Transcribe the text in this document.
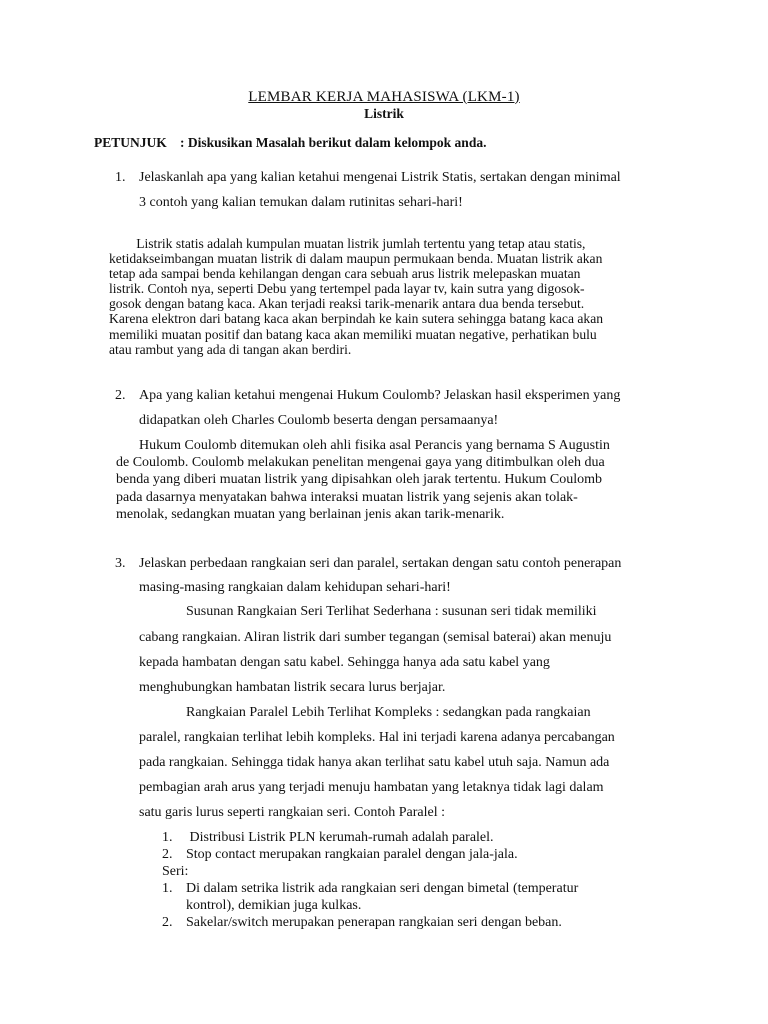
LEMBAR KERJA MAHASISWA (LKM-1)
Listrik
PETUNJUK : Diskusikan Masalah berikut dalam kelompok anda.
1. Jelaskanlah apa yang kalian ketahui mengenai Listrik Statis, sertakan dengan minimal
3 contoh yang kalian temukan dalam rutinitas sehari-hari!
Listrik statis adalah kumpulan muatan listrik jumlah tertentu yang tetap atau statis,
ketidakseimbangan muatan listrik di dalam maupun permukaan benda. Muatan listrik akan
tetap ada sampai benda kehilangan dengan cara sebuah arus listrik melepaskan muatan
listrik. Contoh nya, seperti Debu yang tertempel pada layar tv, kain sutra yang digosok-
gosok dengan batang kaca. Akan terjadi reaksi tarik-menarik antara dua benda tersebut.
Karena elektron dari batang kaca akan berpindah ke kain sutera sehingga batang kaca akan
memiliki muatan positif dan batang kaca akan memiliki muatan negative, perhatikan bulu
atau rambut yang ada di tangan akan berdiri.
2. Apa yang kalian ketahui mengenai Hukum Coulomb? Jelaskan hasil eksperimen yang
didapatkan oleh Charles Coulomb beserta dengan persamaanya!
Hukum Coulomb ditemukan oleh ahli fisika asal Perancis yang bernama S Augustin
de Coulomb. Coulomb melakukan penelitan mengenai gaya yang ditimbulkan oleh dua
benda yang diberi muatan listrik yang dipisahkan oleh jarak tertentu. Hukum Coulomb
pada dasarnya menyatakan bahwa interaksi muatan listrik yang sejenis akan tolak-
menolak, sedangkan muatan yang berlainan jenis akan tarik-menarik.
3. Jelaskan perbedaan rangkaian seri dan paralel, sertakan dengan satu contoh penerapan
masing-masing rangkaian dalam kehidupan sehari-hari!
Susunan Rangkaian Seri Terlihat Sederhana : susunan seri tidak memiliki
cabang rangkaian. Aliran listrik dari sumber tegangan (semisal baterai) akan menuju
kepada hambatan dengan satu kabel. Sehingga hanya ada satu kabel yang
menghubungkan hambatan listrik secara lurus berjajar.
Rangkaian Paralel Lebih Terlihat Kompleks : sedangkan pada rangkaian
paralel, rangkaian terlihat lebih kompleks. Hal ini terjadi karena adanya percabangan
pada rangkaian. Sehingga tidak hanya akan terlihat satu kabel utuh saja. Namun ada
pembagian arah arus yang terjadi menuju hambatan yang letaknya tidak lagi dalam
satu garis lurus seperti rangkaian seri. Contoh Paralel :
1. Distribusi Listrik PLN kerumah-rumah adalah paralel.
2. Stop contact merupakan rangkaian paralel dengan jala-jala.
Seri:
1. Di dalam setrika listrik ada rangkaian seri dengan bimetal (temperatur
kontrol), demikian juga kulkas.
2. Sakelar/switch merupakan penerapan rangkaian seri dengan beban.
